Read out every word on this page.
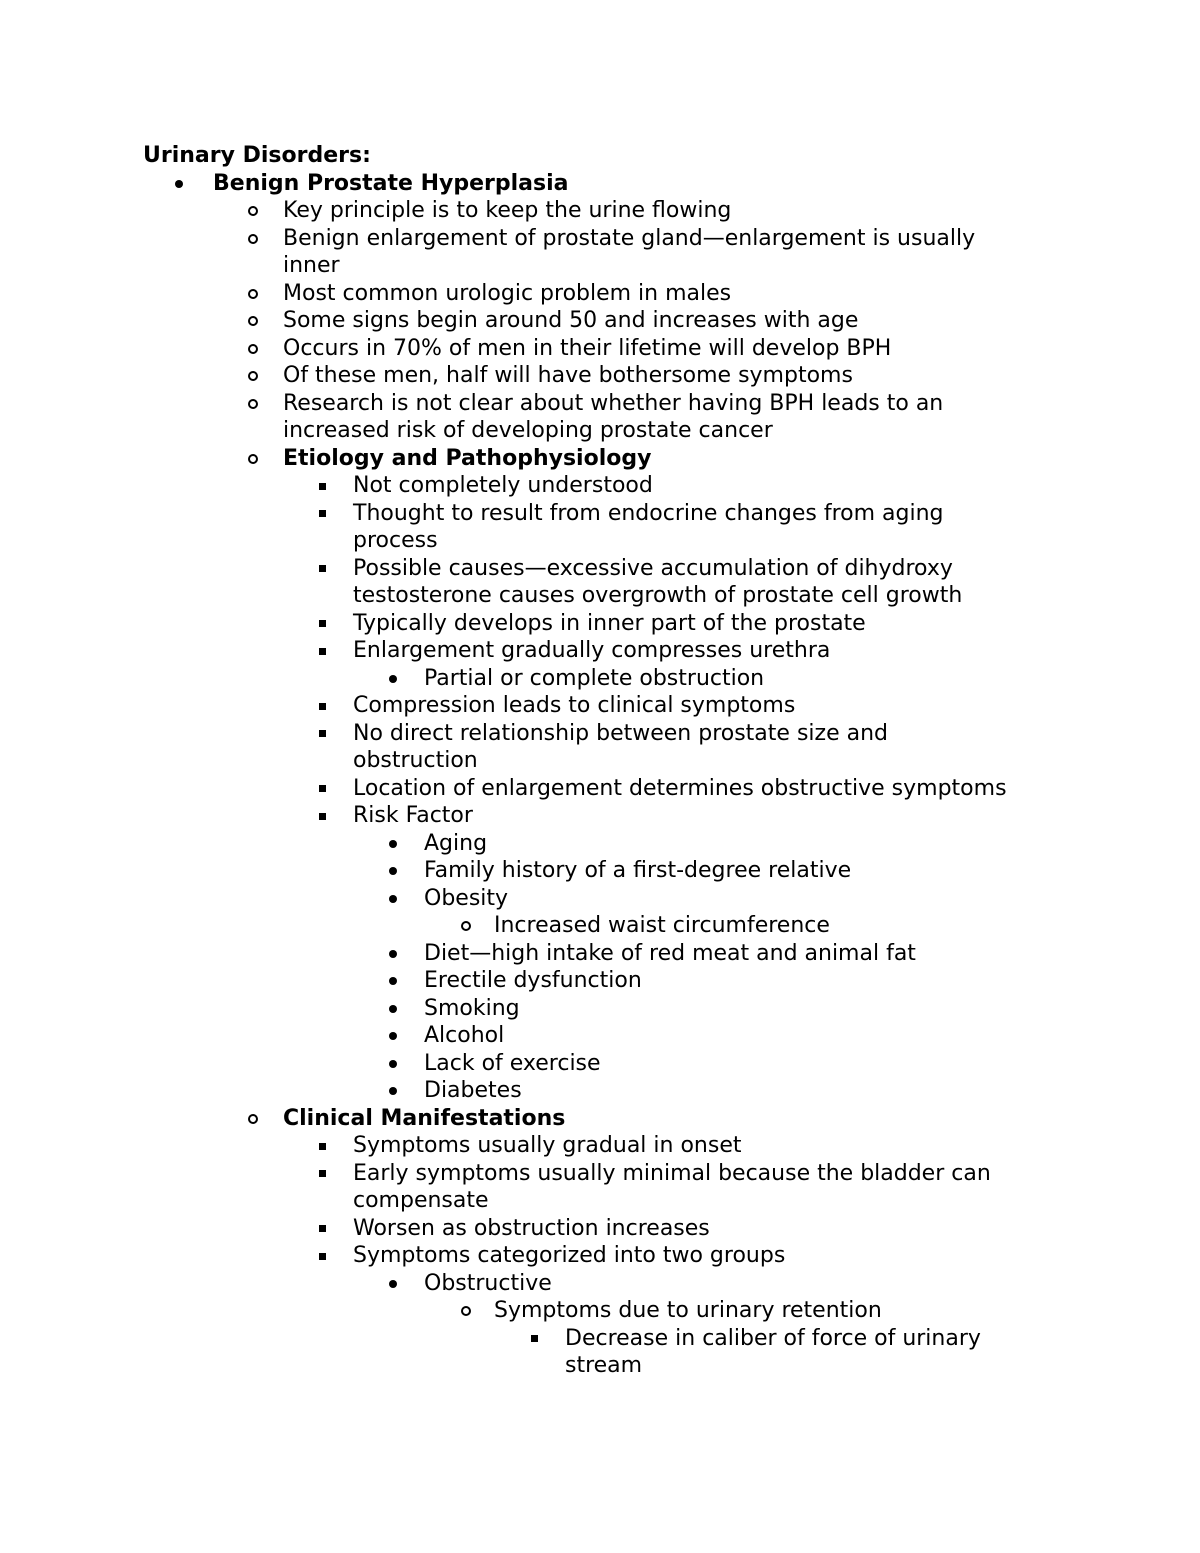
Urinary Disorders:
Benign Prostate Hyperplasia
Key principle is to keep the urine flowing
Benign enlargement of prostate gland—enlargement is usually
inner
Most common urologic problem in males
Some signs begin around 50 and increases with age
Occurs in 70% of men in their lifetime will develop BPH
Of these men, half will have bothersome symptoms
Research is not clear about whether having BPH leads to an
increased risk of developing prostate cancer
Etiology and Pathophysiology
Not completely understood
Thought to result from endocrine changes from aging
process
Possible causes—excessive accumulation of dihydroxy
testosterone causes overgrowth of prostate cell growth
Typically develops in inner part of the prostate
Enlargement gradually compresses urethra
Partial or complete obstruction
Compression leads to clinical symptoms
No direct relationship between prostate size and
obstruction
Location of enlargement determines obstructive symptoms
Risk Factor
Aging
Family history of a first-degree relative
Obesity
Increased waist circumference
Diet—high intake of red meat and animal fat
Erectile dysfunction
Smoking
Alcohol
Lack of exercise
Diabetes
Clinical Manifestations
Symptoms usually gradual in onset
Early symptoms usually minimal because the bladder can
compensate
Worsen as obstruction increases
Symptoms categorized into two groups
Obstructive
Symptoms due to urinary retention
Decrease in caliber of force of urinary
stream
